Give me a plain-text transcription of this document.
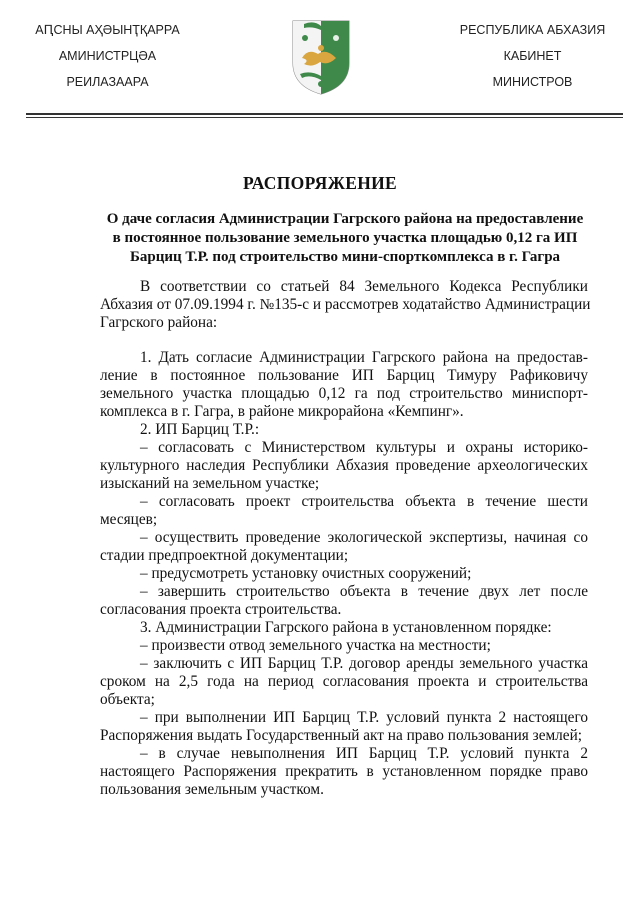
АԤСНЫ АҲӘЫНҬҚАРРА
АМИНИСТРЦӘА
РЕИЛАЗААРА
РЕСПУБЛИКА АБХАЗИЯ
КАБИНЕТ
МИНИСТРОВ
РАСПОРЯЖЕНИЕ
О даче согласия Администрации Гагрского района на предоставление
в постоянное пользование земельного участка площадью 0,12 га ИП
Барциц Т.Р. под строительство мини-спорткомплекса в г. Гагра
В соответствии со статьей 84 Земельного Кодекса Республики
Абхазия от 07.09.1994 г. №135-с и рассмотрев ходатайство Администрации
Гагрского района:
1. Дать согласие Администрации Гагрского района на предостав-
ление в постоянное пользование ИП Барциц Тимуру Рафиковичу
земельного участка площадью 0,12 га под строительство миниспорт-
комплекса в г. Гагра, в районе микрорайона «Кемпинг».
2. ИП Барциц Т.Р.:
– согласовать с Министерством культуры и охраны историко-
культурного наследия Республики Абхазия проведение археологических
изысканий на земельном участке;
– согласовать проект строительства объекта в течение шести
месяцев;
– осуществить проведение экологической экспертизы, начиная со
стадии предпроектной документации;
– предусмотреть установку очистных сооружений;
– завершить строительство объекта в течение двух лет после
согласования проекта строительства.
3. Администрации Гагрского района в установленном порядке:
– произвести отвод земельного участка на местности;
– заключить с ИП Барциц Т.Р. договор аренды земельного участка
сроком на 2,5 года на период согласования проекта и строительства
объекта;
– при выполнении ИП Барциц Т.Р. условий пункта 2 настоящего
Распоряжения выдать Государственный акт на право пользования землей;
– в случае невыполнения ИП Барциц Т.Р. условий пункта 2
настоящего Распоряжения прекратить в установленном порядке право
пользования земельным участком.
